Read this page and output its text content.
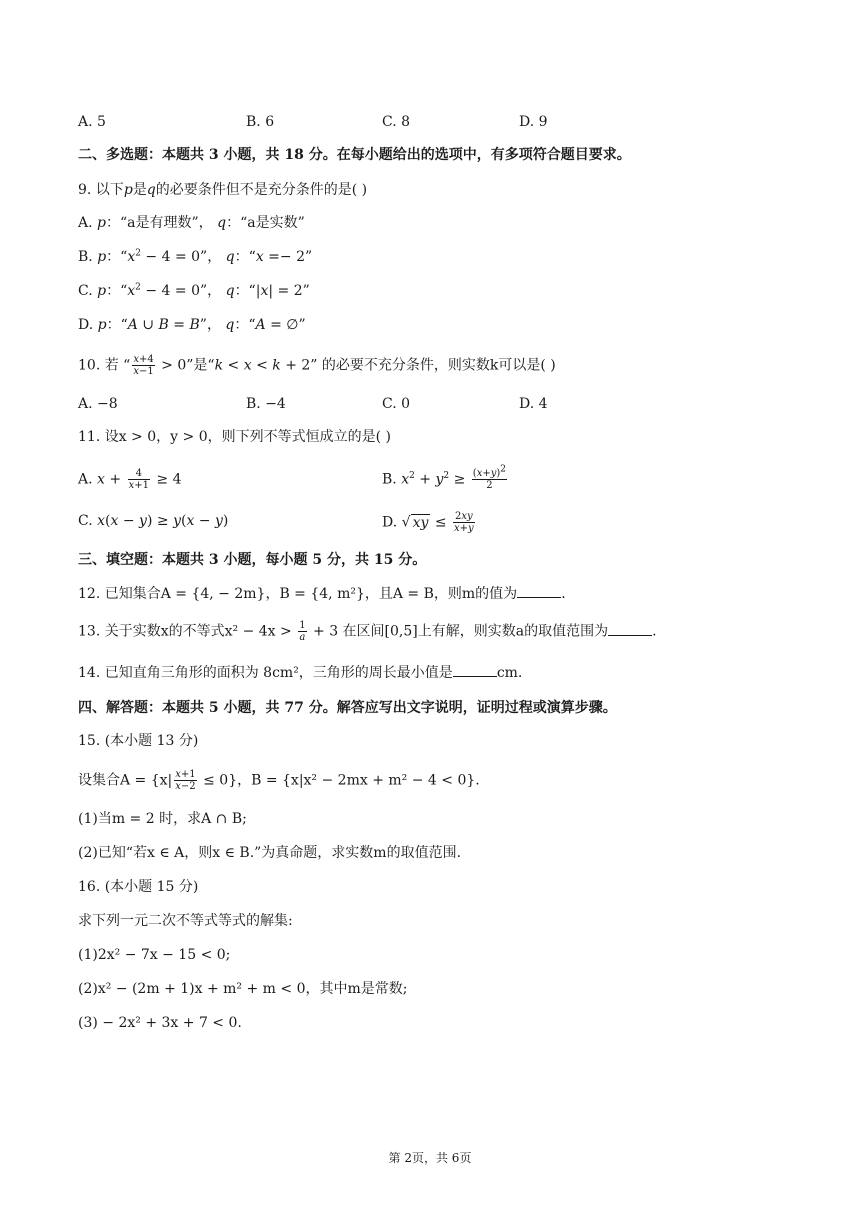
A. 5	B. 6	C. 8	D. 9
二、多选题：本题共 3 小题，共 18 分。在每小题给出的选项中，有多项符合题目要求。
9. 以下p是q的必要条件但不是充分条件的是( )
A. p：“a是有理数”， q：“a是实数”
B. p：“$x^2 - 4 = 0$”， q：“x =− 2”
C. p：“$x^2 - 4 = 0$”， q：“|x| = 2”
D. p：“A ∪ B = B”， q：“A = ∅”
10. 若 “ $\frac{x+4}{x-1} > 0$”是“k < x < k + 2” 的必要不充分条件，则实数k可以是( )
A. −8	B. −4	C. 0	D. 4
11. 设x > 0，y > 0，则下列不等式恒成立的是( )
A. $x + \frac{4}{x+1} \ge 4$	B. $x^2 + y^2 \ge \frac{(x+y)^2}{2}$
C. x(x − y) ≥ y(x − y)	D. √ xy ≤ $\frac{2xy}{x+y}$
三、填空题：本题共 3 小题，每小题 5 分，共 15 分。
12. 已知集合A = {4, − 2m}，B = {4, m²}，且A = B，则m的值为	.
13. 关于实数x的不等式$x^2 - 4x > \frac{1}{a} + 3$ 在区间[0,5]上有解，则实数a的取值范围为	.
14. 已知直角三角形的面积为 8cm²，三角形的周长最小值是	cm.
四、解答题：本题共 5 小题，共 77 分。解答应写出文字说明，证明过程或演算步骤。
15. (本小题 13 分)
设集合$A = \{x| \frac{x+1}{x-2} \le 0\}$，B = {x|x² − 2mx + m² − 4 < 0}.
(1)当m = 2 时，求A ∩ B;
(2)已知“若x ∈ A，则x ∈ B.”为真命题，求实数m的取值范围.
16. (本小题 15 分)
求下列一元二次不等式等式的解集:
(1)2x² − 7x − 15 < 0;
(2)x² − (2m + 1)x + m² + m < 0，其中m是常数;
(3) − 2x² + 3x + 7 < 0.
第 2页，共 6页
